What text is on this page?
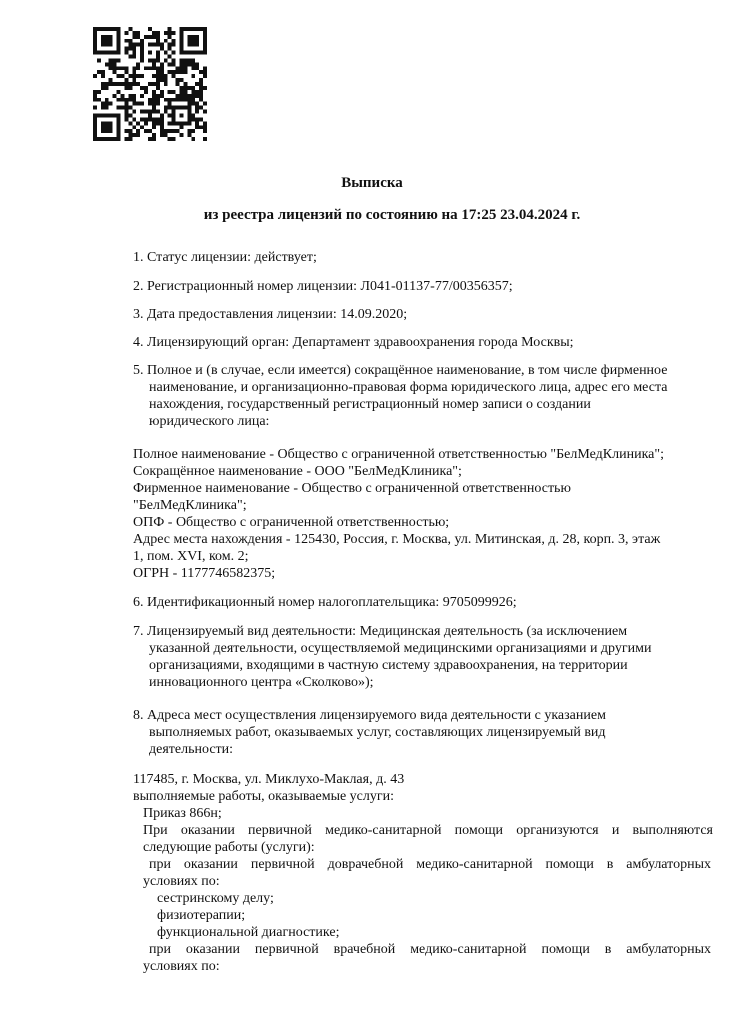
Выписка
из реестра лицензий по состоянию на 17:25 23.04.2024 г.
1. Статус лицензии: действует;
2. Регистрационный номер лицензии: Л041-01137-77/00356357;
3. Дата предоставления лицензии: 14.09.2020;
4. Лицензирующий орган: Департамент здравоохранения города Москвы;
5. Полное и (в случае, если имеется) сокращённое наименование, в том числе фирменное
наименование, и организационно-правовая форма юридического лица, адрес его места
нахождения, государственный регистрационный номер записи о создании
юридического лица:
Полное наименование - Общество с ограниченной ответственностью "БелМедКлиника";
Сокращённое наименование - ООО "БелМедКлиника";
Фирменное наименование - Общество с ограниченной ответственностью
"БелМедКлиника";
ОПФ - Общество с ограниченной ответственностью;
Адрес места нахождения - 125430, Россия, г. Москва, ул. Митинская, д. 28, корп. 3, этаж
1, пом. XVI, ком. 2;
ОГРН - 1177746582375;
6. Идентификационный номер налогоплательщика: 9705099926;
7. Лицензируемый вид деятельности: Медицинская деятельность (за исключением
указанной деятельности, осуществляемой медицинскими организациями и другими
организациями, входящими в частную систему здравоохранения, на территории
инновационного центра «Сколково»);
8. Адреса мест осуществления лицензируемого вида деятельности с указанием
выполняемых работ, оказываемых услуг, составляющих лицензируемый вид
деятельности:
117485, г. Москва, ул. Миклухо-Маклая, д. 43
выполняемые работы, оказываемые услуги:
Приказ 866н;
При оказании первичной медико-санитарной помощи организуются и выполняются
следующие работы (услуги):
при оказании первичной доврачебной медико-санитарной помощи в амбулаторных
условиях по:
сестринскому делу;
физиотерапии;
функциональной диагностике;
при оказании первичной врачебной медико-санитарной помощи в амбулаторных
условиях по:
